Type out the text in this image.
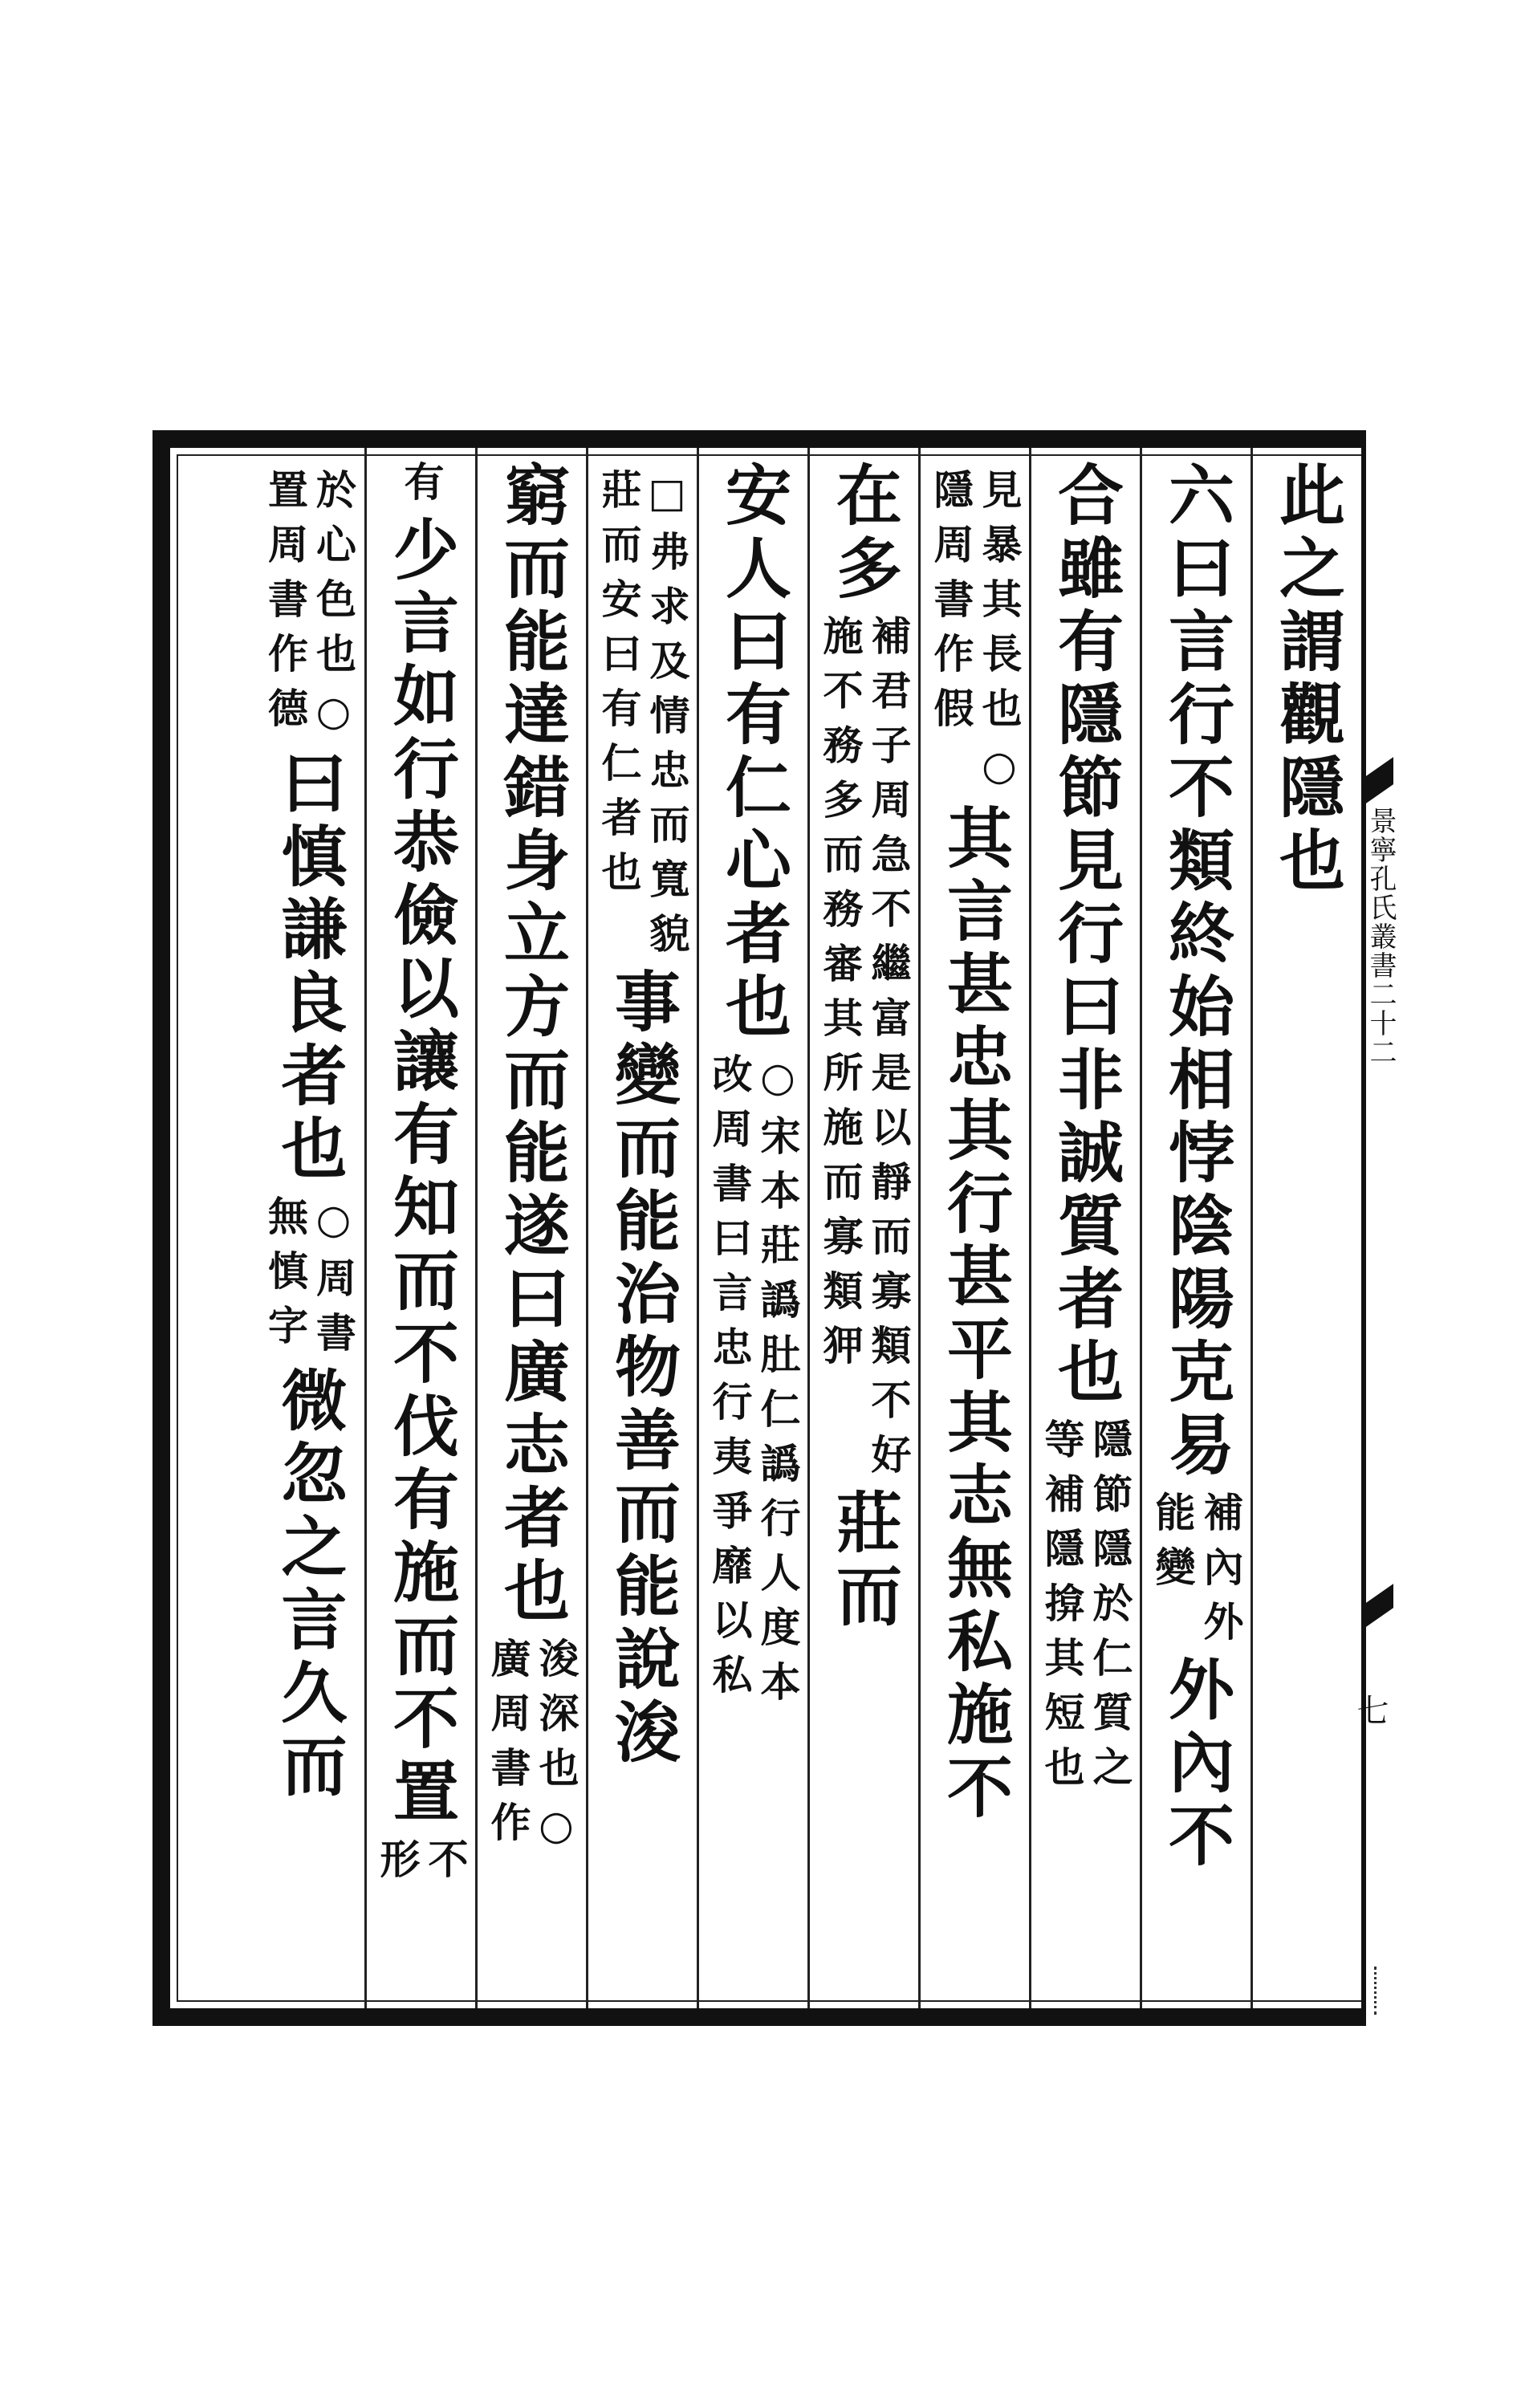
景寧孔氏叢書二十二
七
此之謂觀隱也
六曰言行不類終始相悖陰陽克易
補內外
能變
外內不
合雖有隱節見行曰非誠質者也
隱節隱於仁質之
等補隱揜其短也
見暴其長也○
隱周書作假
其言甚忠其行甚平其志無私施不
在多
補君子周急不繼富是以靜而寡類不好
施不務多而務審其所施而寡類狎
莊而
安人曰有仁心者也
○宋本莊譌肚仁譌行人度本
改周書曰言忠行夷爭靡以私
□弗求及情忠而寬貌
莊而安曰有仁者也
事變而能治物善而能說浚
窮而能達錯身立方而能遂曰廣志者也
浚深也○
廣周書作
有
少言如行恭儉以讓有知而不伐有施而不置
不
形
於心色也○
置周書作德
曰慎謙良者也
○周書
無慎字
微忽之言久而
